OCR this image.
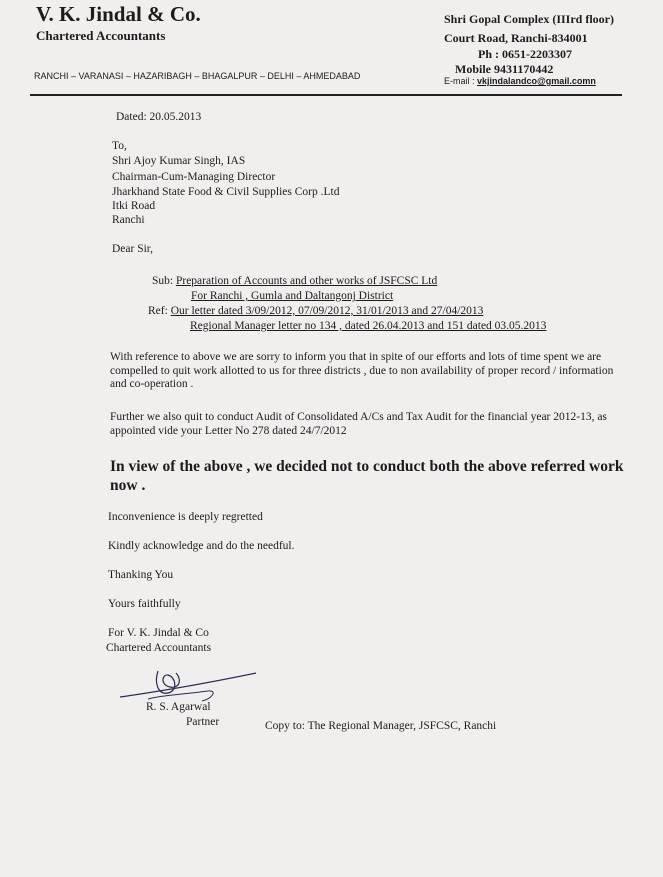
V. K. Jindal & Co.
Chartered Accountants
RANCHI – VARANASI – HAZARIBAGH – BHAGALPUR – DELHI – AHMEDABAD
Shri Gopal Complex (IIIrd floor)
Court Road, Ranchi-834001
Ph : 0651-2203307
Mobile 9431170442
E-mail : vkjindalandco@gmail.comn
Dated: 20.05.2013
To,
Shri Ajoy Kumar Singh, IAS
Chairman-Cum-Managing Director
Jharkhand State Food & Civil Supplies Corp .Ltd
Itki Road
Ranchi
Dear Sir,
Sub: Preparation of Accounts and other works of JSFCSC Ltd
For Ranchi , Gumla and Daltangonj District
Ref: Our letter dated 3/09/2012, 07/09/2012, 31/01/2013 and 27/04/2013
Regional Manager letter no 134 , dated 26.04.2013 and 151 dated 03.05.2013
With reference to above we are sorry to inform you that in spite of our efforts and lots of time spent we are compelled to quit work allotted to us for three districts , due to non availability of proper record / information and co-operation .
Further we also quit to conduct Audit of Consolidated A/Cs and Tax Audit for the financial year 2012-13, as appointed vide your Letter No 278 dated 24/7/2012
In view of the above , we decided not to conduct both the above referred work now .
Inconvenience is deeply regretted
Kindly acknowledge and do the needful.
Thanking You
Yours faithfully
For V. K. Jindal & Co
Chartered Accountants
R. S. Agarwal
Partner	Copy to: The Regional Manager, JSFCSC, Ranchi
